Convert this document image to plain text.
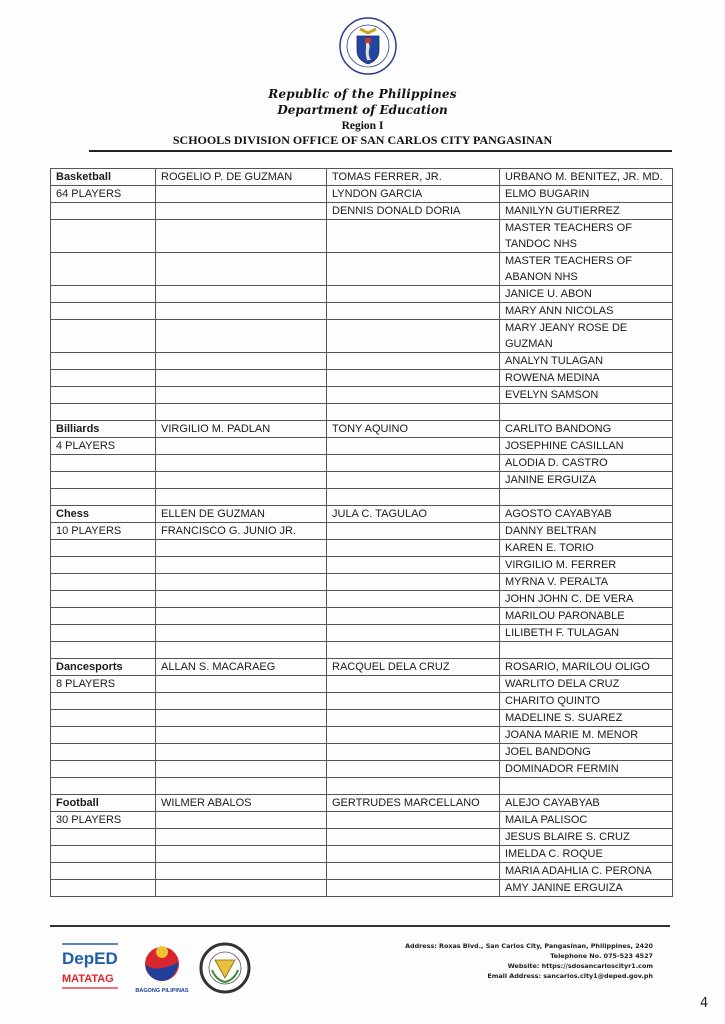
Republic of the Philippines
Department of Education
Region I
SCHOOLS DIVISION OFFICE OF SAN CARLOS CITY PANGASINAN
Basketball	ROGELIO P. DE GUZMAN	TOMAS FERRER, JR.	URBANO M. BENITEZ, JR. MD.
64 PLAYERS		LYNDON GARCIA	ELMO BUGARIN
		DENNIS DONALD DORIA	MANILYN GUTIERREZ
			MASTER TEACHERS OF TANDOC NHS
			MASTER TEACHERS OF ABANON NHS
			JANICE U. ABON
			MARY ANN NICOLAS
			MARY JEANY ROSE DE GUZMAN
			ANALYN TULAGAN
			ROWENA MEDINA
			EVELYN SAMSON

Billiards	VIRGILIO M. PADLAN	TONY AQUINO	CARLITO BANDONG
4 PLAYERS			JOSEPHINE CASILLAN
			ALODIA D. CASTRO
			JANINE ERGUIZA

Chess	ELLEN DE GUZMAN	JULA C. TAGULAO	AGOSTO CAYABYAB
10 PLAYERS	FRANCISCO G. JUNIO JR.		DANNY BELTRAN
			KAREN E. TORIO
			VIRGILIO M. FERRER
			MYRNA V. PERALTA
			JOHN JOHN C. DE VERA
			MARILOU PARONABLE
			LILIBETH F. TULAGAN

Dancesports	ALLAN S. MACARAEG	RACQUEL DELA CRUZ	ROSARIO, MARILOU OLIGO
8 PLAYERS			WARLITO DELA CRUZ
			CHARITO QUINTO
			MADELINE S. SUAREZ
			JOANA MARIE M. MENOR
			JOEL BANDONG
			DOMINADOR FERMIN

Football	WILMER ABALOS	GERTRUDES MARCELLANO	ALEJO CAYABYAB
30 PLAYERS			MAILA PALISOC
			JESUS BLAIRE S. CRUZ
			IMELDA C. ROQUE
			MARIA ADAHLIA C. PERONA
			AMY JANINE ERGUIZA
DepED
MATATAG
BAGONG PILIPINAS
Address: Roxas Blvd., San Carlos City, Pangasinan, Philippines, 2420
Telephone No. 075-523 4527
Website: https://sdosancarloscityr1.com
Email Address: sancarlos.city1@deped.gov.ph
4
